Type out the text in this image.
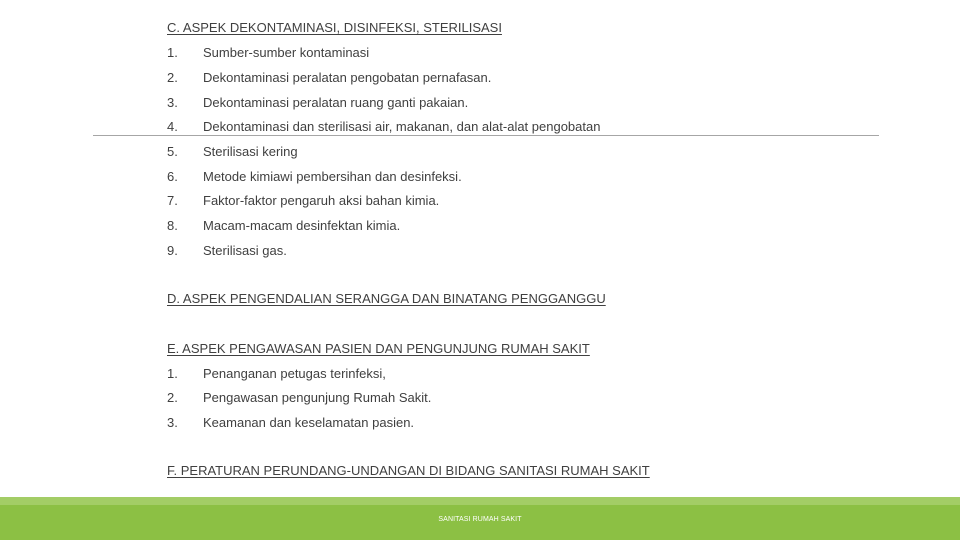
C. ASPEK DEKONTAMINASI, DISINFEKSI, STERILISASI
1.	Sumber-sumber kontaminasi
2.	Dekontaminasi peralatan pengobatan pernafasan.
3.	Dekontaminasi peralatan ruang ganti pakaian.
4.	Dekontaminasi dan sterilisasi air, makanan, dan alat-alat pengobatan
5.	Sterilisasi kering
6.	Metode kimiawi pembersihan dan desinfeksi.
7.	Faktor-faktor pengaruh aksi bahan kimia.
8.	Macam-macam desinfektan kimia.
9.	Sterilisasi gas.
D. ASPEK PENGENDALIAN SERANGGA DAN BINATANG PENGGANGGU
E. ASPEK PENGAWASAN PASIEN DAN PENGUNJUNG RUMAH SAKIT
1.	Penanganan petugas terinfeksi,
2.	Pengawasan pengunjung Rumah Sakit.
3.	Keamanan dan keselamatan pasien.
F. PERATURAN PERUNDANG-UNDANGAN DI BIDANG SANITASI RUMAH SAKIT
SANITASI RUMAH SAKIT
